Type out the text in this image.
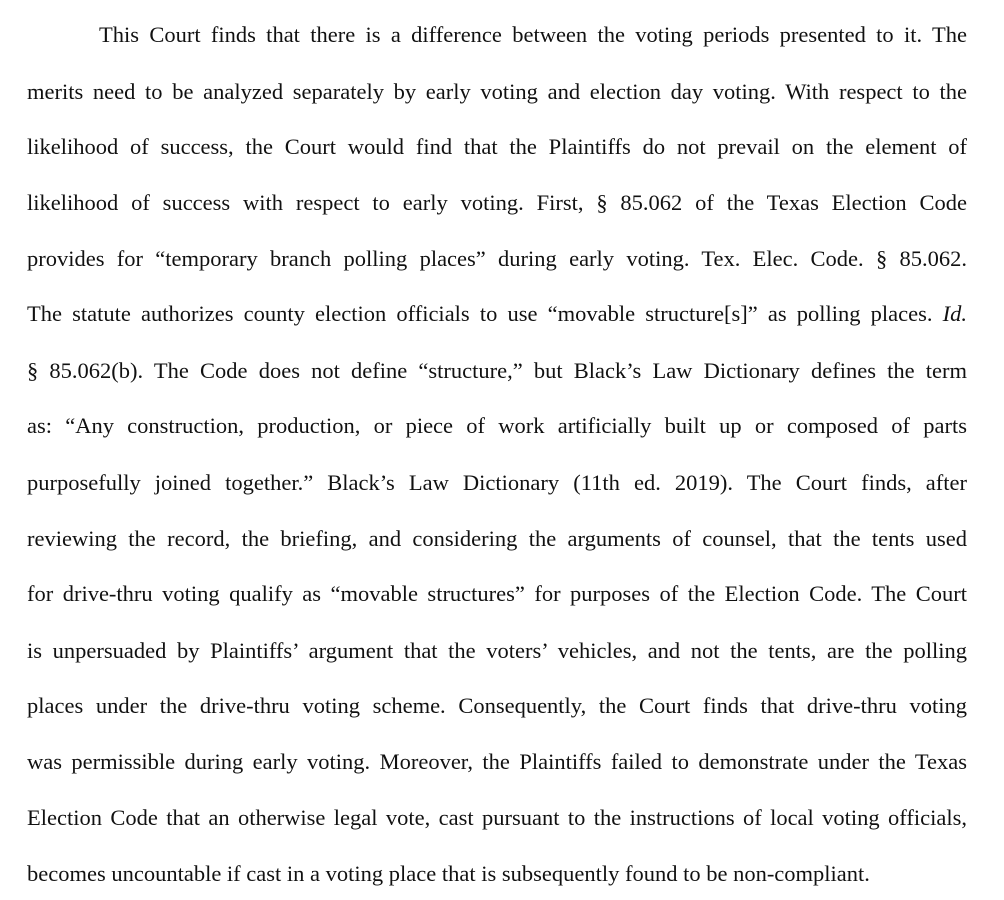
This Court finds that there is a difference between the voting periods presented to it. The
merits need to be analyzed separately by early voting and election day voting. With respect to the
likelihood of success, the Court would find that the Plaintiffs do not prevail on the element of
likelihood of success with respect to early voting. First, § 85.062 of the Texas Election Code
provides for “temporary branch polling places” during early voting. Tex. Elec. Code. § 85.062.
The statute authorizes county election officials to use “movable structure[s]” as polling places. Id.
§ 85.062(b). The Code does not define “structure,” but Black’s Law Dictionary defines the term
as: “Any construction, production, or piece of work artificially built up or composed of parts
purposefully joined together.” Black’s Law Dictionary (11th ed. 2019). The Court finds, after
reviewing the record, the briefing, and considering the arguments of counsel, that the tents used
for drive-thru voting qualify as “movable structures” for purposes of the Election Code. The Court
is unpersuaded by Plaintiffs’ argument that the voters’ vehicles, and not the tents, are the polling
places under the drive-thru voting scheme. Consequently, the Court finds that drive-thru voting
was permissible during early voting. Moreover, the Plaintiffs failed to demonstrate under the Texas
Election Code that an otherwise legal vote, cast pursuant to the instructions of local voting officials,
becomes uncountable if cast in a voting place that is subsequently found to be non-compliant.
